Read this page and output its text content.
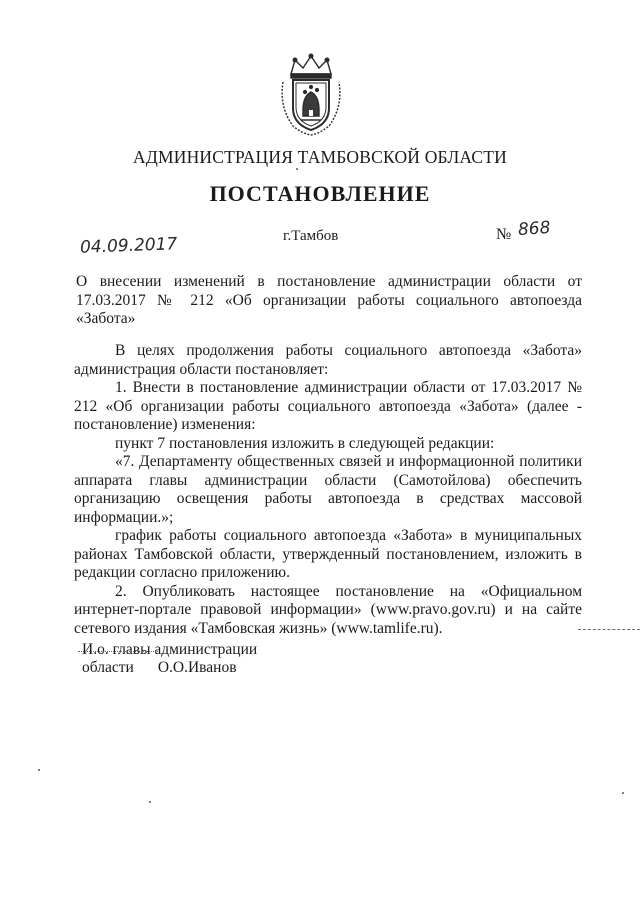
АДМИНИСТРАЦИЯ ТАМБОВСКОЙ ОБЛАСТИ
ПОСТАНОВЛЕНИЕ
04.09.2017	г.Тамбов	№ 868
О внесении изменений в постановление администрации области от 17.03.2017 № 212 «Об организации работы социального автопоезда «Забота»

В целях продолжения работы социального автопоезда «Забота» администрация области постановляет:

1. Внести в постановление администрации области от 17.03.2017 № 212 «Об организации работы социального автопоезда «Забота» (далее - постановление) изменения:

пункт 7 постановления изложить в следующей редакции:

«7. Департаменту общественных связей и информационной политики аппарата главы администрации области (Самотойлова) обеспечить организацию освещения работы автопоезда в средствах массовой информации.»;

график работы социального автопоезда «Забота» в муниципальных районах Тамбовской области, утвержденный постановлением, изложить в редакции согласно приложению.

2. Опубликовать настоящее постановление на «Официальном интернет-портале правовой информации» (www.pravo.gov.ru) и на сайте сетевого издания «Тамбовская жизнь» (www.tamlife.ru).

И.о. главы администрации
области О.О.Иванов
